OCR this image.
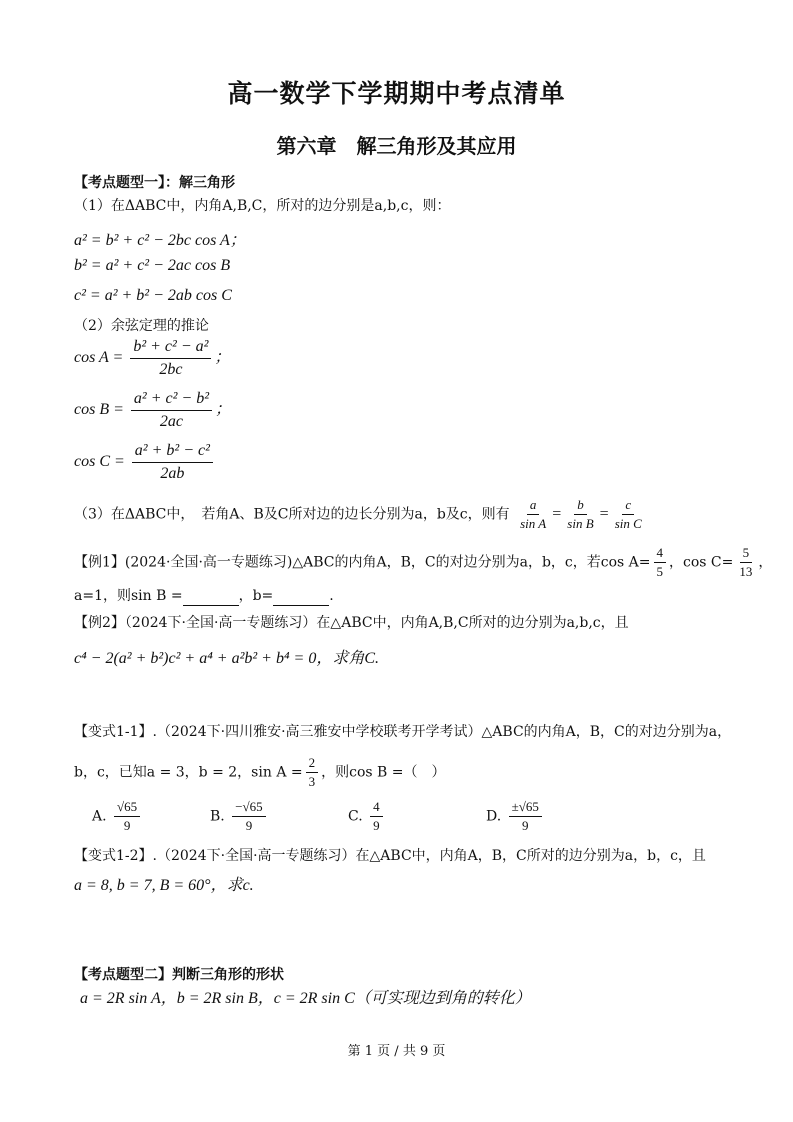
高一数学下学期期中考点清单
第六章　解三角形及其应用
【考点题型一】：解三角形
（1）在ΔABC中，内角A,B,C，所对的边分别是a,b,c，则：
a² = b² + c² − 2bc cos A；
b² = a² + c² − 2ac cos B
c² = a² + b² − 2ab cos C
（2）余弦定理的推论
$\cos A = \frac{\text{b² + c² − a²}}{2bc}$ ；
$\cos B = \frac{\text{a² + c² − b²}}{2ac}$ ；
$\cos C = \frac{\text{a² + b² − c²}}{2ab}$
（3）在ΔABC中，　若角A、B及C所对边的边长分别为a，b及c，则有 $\frac{a}{\text{sin A}} = \frac{b}{\text{sin B}} = \frac{c}{\text{sin C}}$
【例1】(2024·全国·高一专题练习)△ABC的内角A，B，C的对边分别为a，b，c，若$\cos A= \frac{4}{5}$ ，$\cos C= \frac{5}{13}$ ，
a=1，则sin B =	，b=	.
【例2】（2024下·全国·高一专题练习）在△ABC中，内角A,B,C所对的边分别为a,b,c，且
c⁴ − 2(a² + b²)c² + a⁴ + a²b² + b⁴ = 0，求角C.
【变式1-1】.（2024下·四川雅安·高三雅安中学校联考开学考试）△ABC的内角A，B，C的对边分别为a，
b，c，已知a = 3，b = 2，$\sin A = \frac{2}{3}$ ，则cos B =（　）
A. $\frac{√65}{9}$	B. $\frac{-√65}{9}$	C. $\frac{4}{9}$	D. $\frac{\pm√65}{9}$
【变式1-2】.（2024下·全国·高一专题练习）在△ABC中，内角A，B，C所对的边分别为a，b，c，且
a = 8, b = 7, B = 60°，求c.
【考点题型二】判断三角形的形状
a = 2R sin A，b = 2R sin B，c = 2R sin C（可实现边到角的转化）
第 1 页 / 共 9 页
